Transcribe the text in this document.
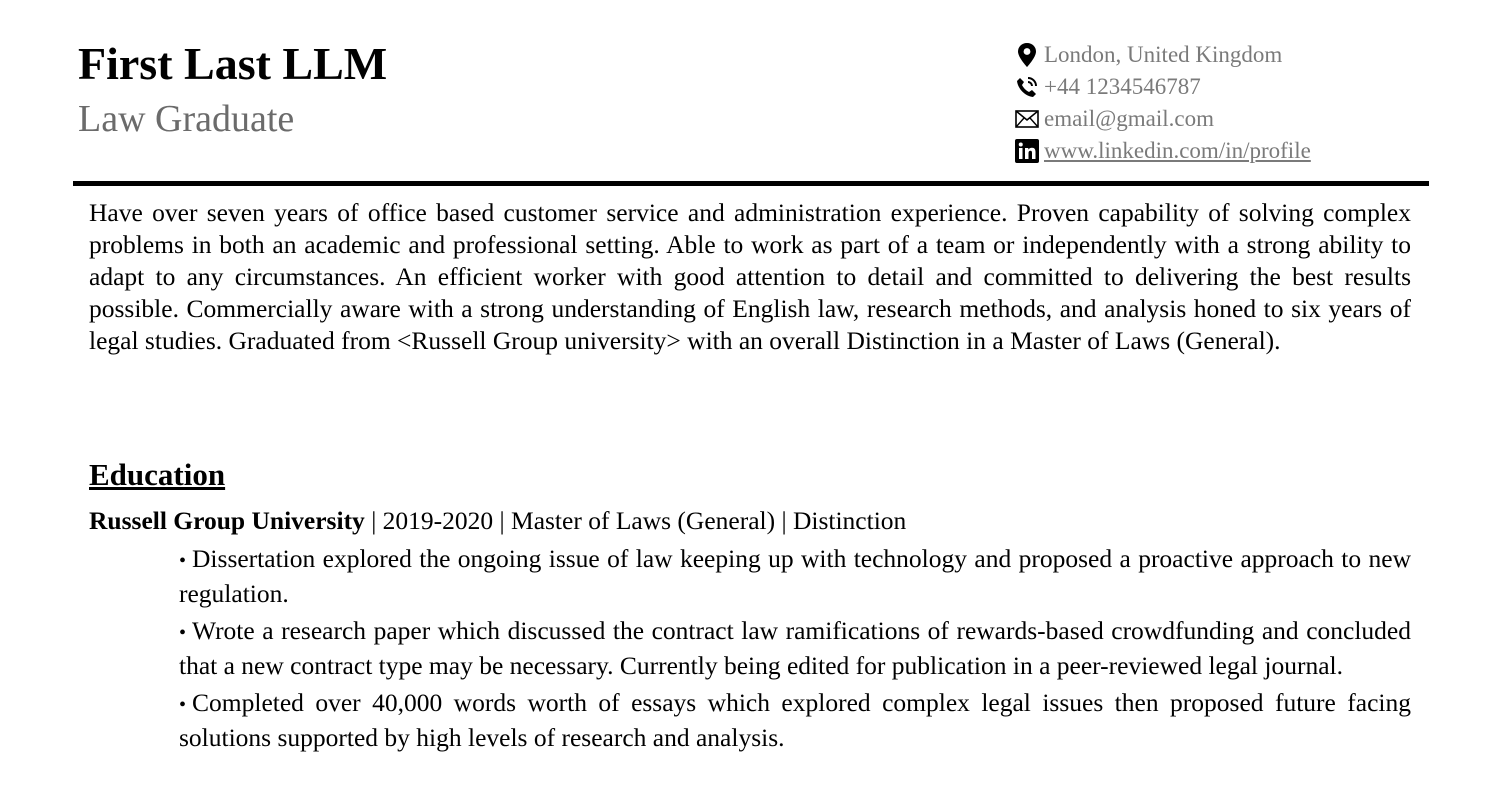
First Last LLM
Law Graduate
London, United Kingdom
+44 1234546787
email@gmail.com
www.linkedin.com/in/profile

Have over seven years of office based customer service and administration experience. Proven capability of solving complex problems in both an academic and professional setting. Able to work as part of a team or independently with a strong ability to adapt to any circumstances. An efficient worker with good attention to detail and committed to delivering the best results possible. Commercially aware with a strong understanding of English law, research methods, and analysis honed to six years of legal studies. Graduated from <Russell Group university> with an overall Distinction in a Master of Laws (General).

Education
Russell Group University | 2019-2020 | Master of Laws (General) | Distinction
• Dissertation explored the ongoing issue of law keeping up with technology and proposed a proactive approach to new regulation.
• Wrote a research paper which discussed the contract law ramifications of rewards-based crowdfunding and concluded that a new contract type may be necessary. Currently being edited for publication in a peer-reviewed legal journal.
• Completed over 40,000 words worth of essays which explored complex legal issues then proposed future facing solutions supported by high levels of research and analysis.
